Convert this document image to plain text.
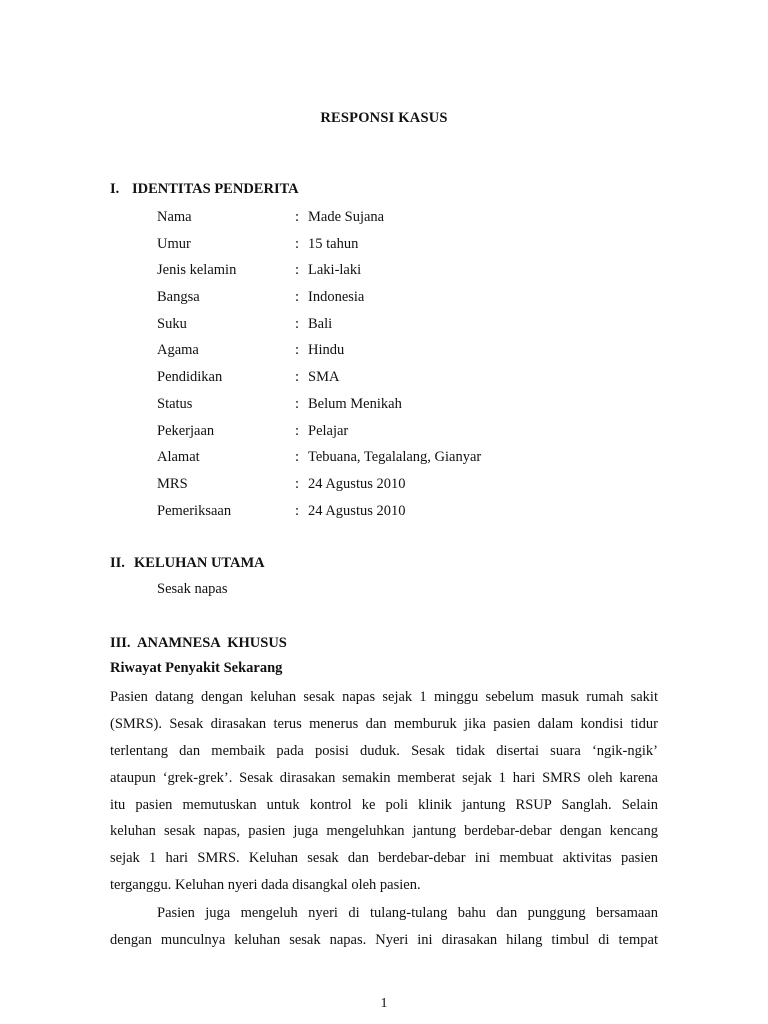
RESPONSI KASUS
I. IDENTITAS PENDERITA
Nama	: Made Sujana
Umur	: 15 tahun
Jenis kelamin	: Laki-laki
Bangsa	: Indonesia
Suku	: Bali
Agama	: Hindu
Pendidikan	: SMA
Status	: Belum Menikah
Pekerjaan	: Pelajar
Alamat	: Tebuana, Tegalalang, Gianyar
MRS	: 24 Agustus 2010
Pemeriksaan	: 24 Agustus 2010
II. KELUHAN UTAMA
Sesak napas
III. ANAMNESA  KHUSUS
Riwayat Penyakit Sekarang
Pasien datang dengan keluhan sesak napas sejak 1 minggu sebelum masuk rumah sakit
(SMRS). Sesak dirasakan terus menerus dan memburuk jika pasien dalam kondisi tidur
terlentang dan membaik pada posisi duduk. Sesak tidak disertai suara ‘ngik-ngik’
ataupun ‘grek-grek’. Sesak dirasakan semakin memberat sejak 1 hari SMRS oleh karena
itu pasien memutuskan untuk kontrol ke poli klinik jantung RSUP Sanglah. Selain
keluhan sesak napas, pasien juga mengeluhkan jantung berdebar-debar dengan kencang
sejak 1 hari SMRS. Keluhan sesak dan berdebar-debar ini membuat aktivitas pasien
terganggu. Keluhan nyeri dada disangkal oleh pasien.
Pasien juga mengeluh nyeri di tulang-tulang bahu dan punggung bersamaan
dengan munculnya keluhan sesak napas. Nyeri ini dirasakan hilang timbul di tempat
1
